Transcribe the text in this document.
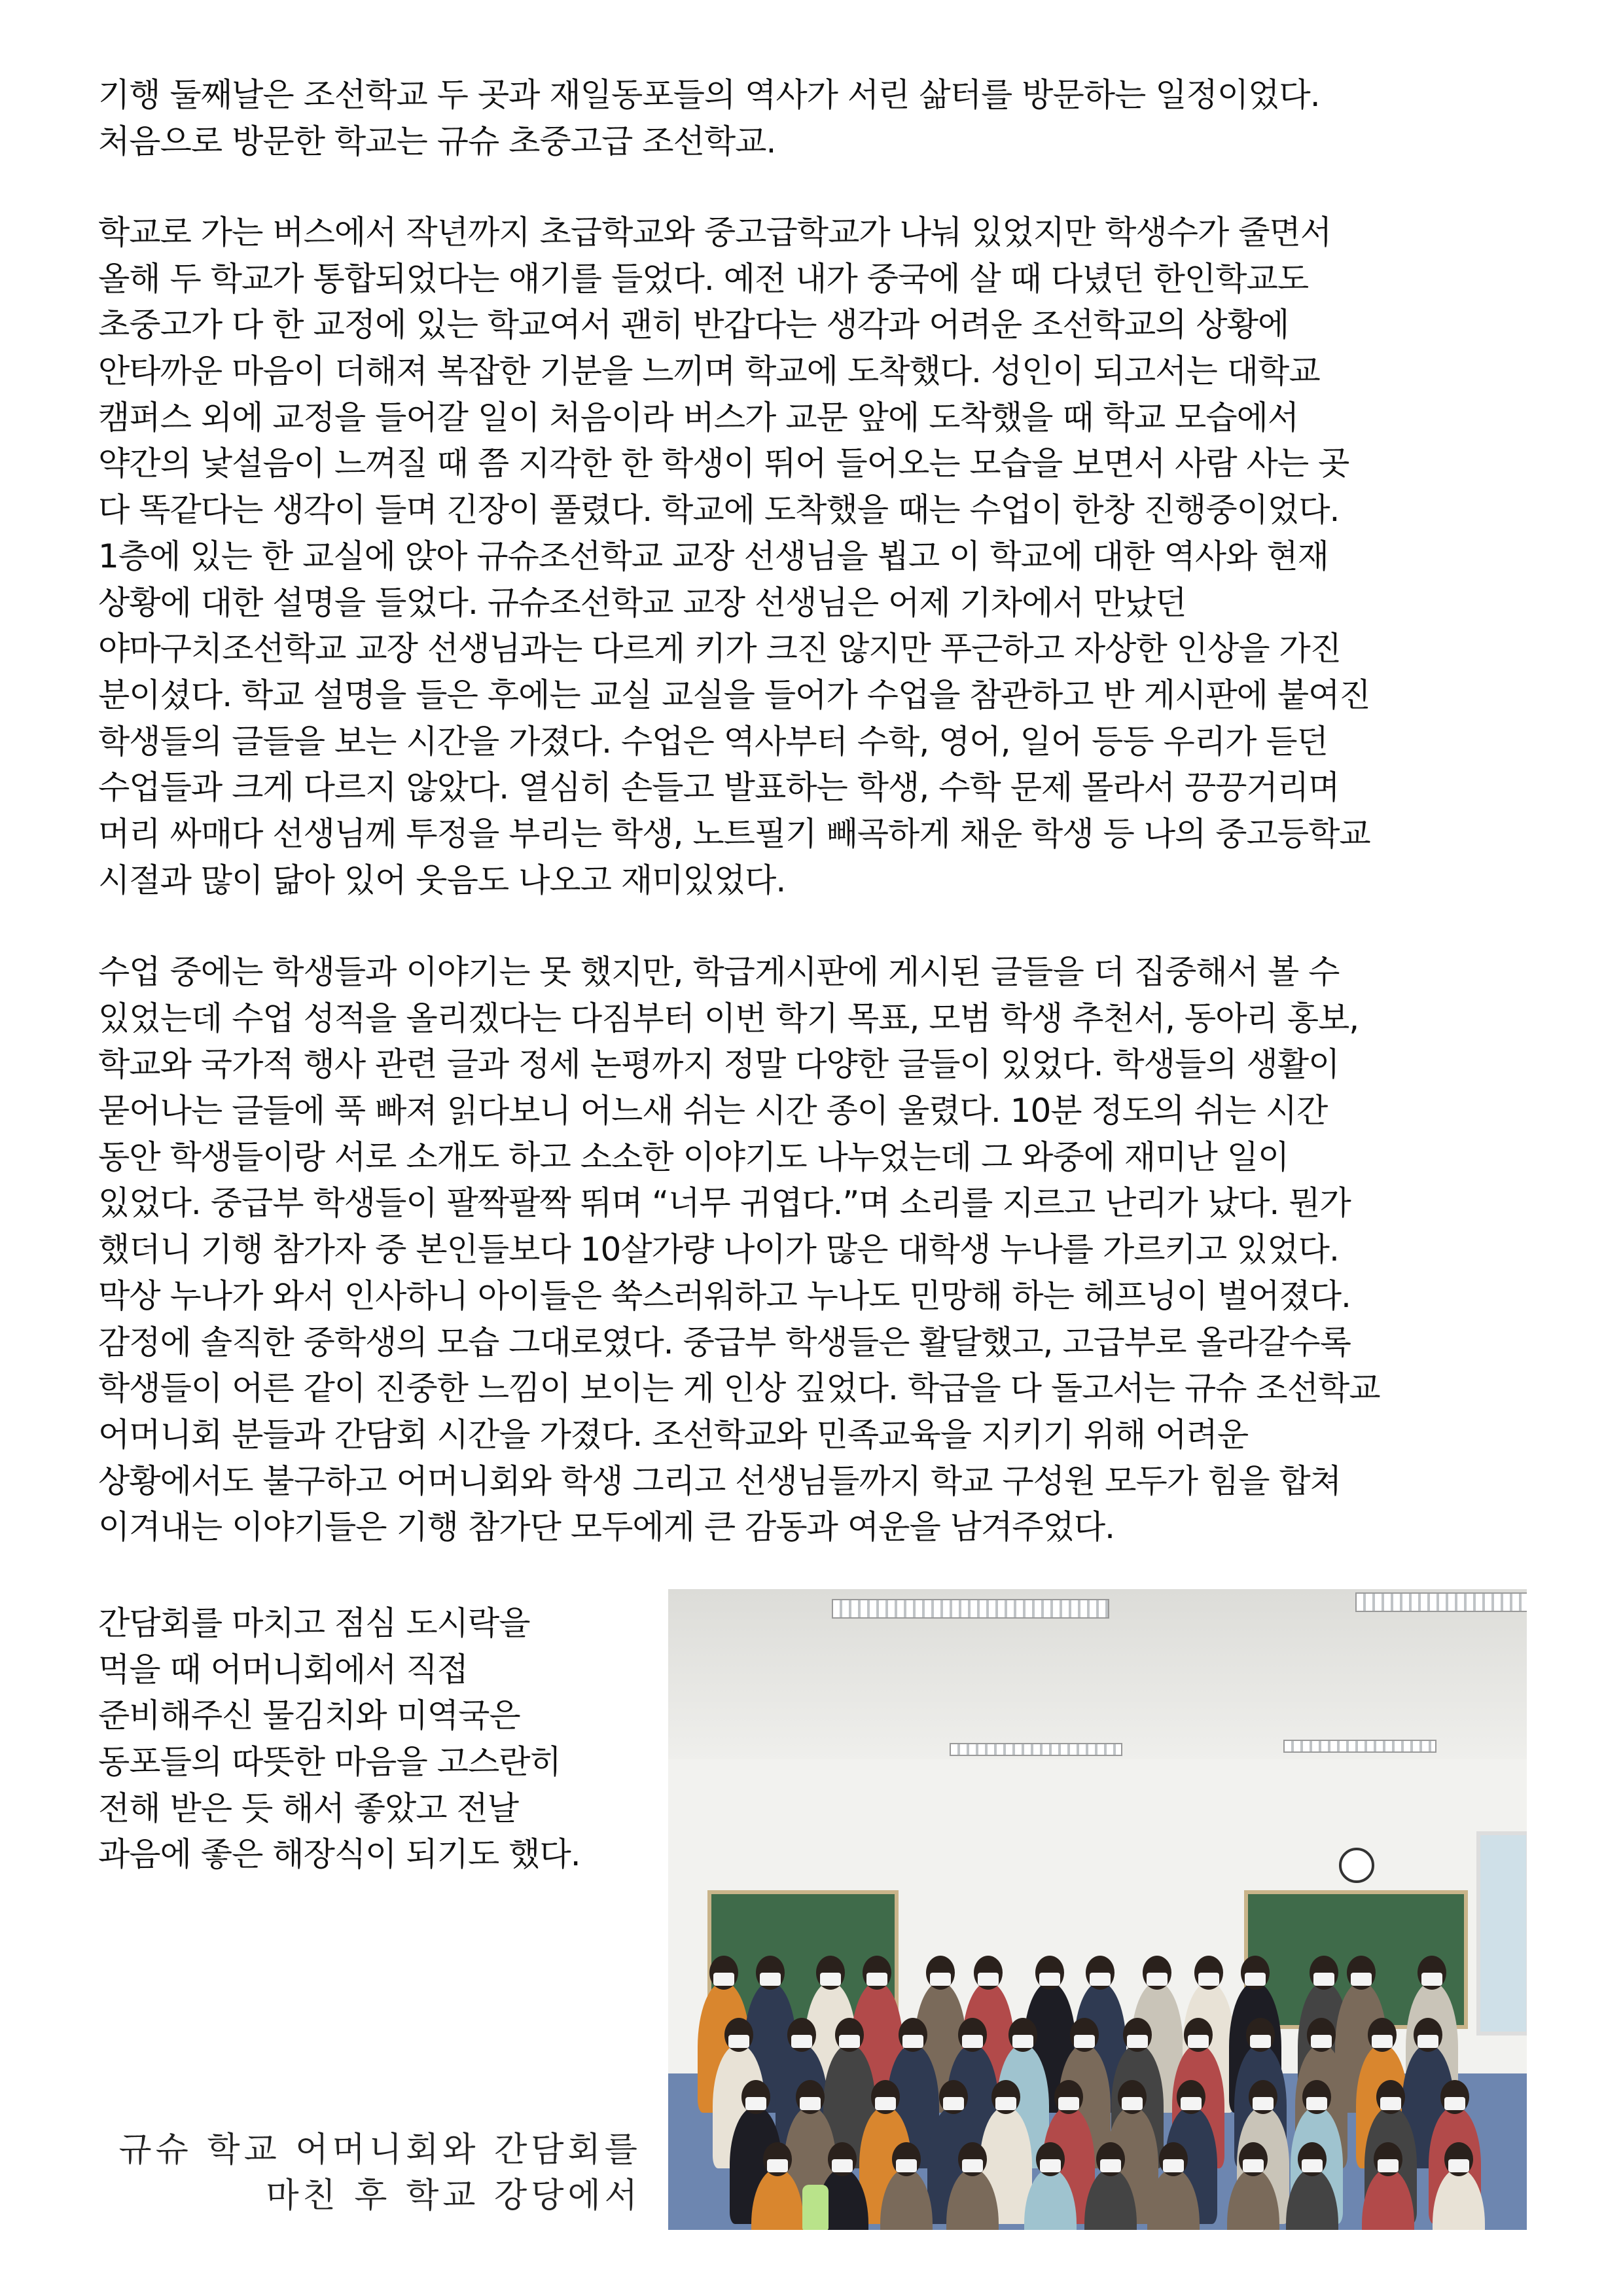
기행 둘째날은 조선학교 두 곳과 재일동포들의 역사가 서린 삶터를 방문하는 일정이었다.
처음으로 방문한 학교는 규슈 초중고급 조선학교.
학교로 가는 버스에서 작년까지 초급학교와 중고급학교가 나눠 있었지만 학생수가 줄면서
올해 두 학교가 통합되었다는 얘기를 들었다. 예전 내가 중국에 살 때 다녔던 한인학교도
초중고가 다 한 교정에 있는 학교여서 괜히 반갑다는 생각과 어려운 조선학교의 상황에
안타까운 마음이 더해져 복잡한 기분을 느끼며 학교에 도착했다. 성인이 되고서는 대학교
캠퍼스 외에 교정을 들어갈 일이 처음이라 버스가 교문 앞에 도착했을 때 학교 모습에서
약간의 낯설음이 느껴질 때 쯤 지각한 한 학생이 뛰어 들어오는 모습을 보면서 사람 사는 곳
다 똑같다는 생각이 들며 긴장이 풀렸다. 학교에 도착했을 때는 수업이 한창 진행중이었다.
1층에 있는 한 교실에 앉아 규슈조선학교 교장 선생님을 뵙고 이 학교에 대한 역사와 현재
상황에 대한 설명을 들었다. 규슈조선학교 교장 선생님은 어제 기차에서 만났던
야마구치조선학교 교장 선생님과는 다르게 키가 크진 않지만 푸근하고 자상한 인상을 가진
분이셨다. 학교 설명을 들은 후에는 교실 교실을 들어가 수업을 참관하고 반 게시판에 붙여진
학생들의 글들을 보는 시간을 가졌다. 수업은 역사부터 수학, 영어, 일어 등등 우리가 듣던
수업들과 크게 다르지 않았다. 열심히 손들고 발표하는 학생, 수학 문제 몰라서 끙끙거리며
머리 싸매다 선생님께 투정을 부리는 학생, 노트필기 빼곡하게 채운 학생 등 나의 중고등학교
시절과 많이 닮아 있어 웃음도 나오고 재미있었다.
수업 중에는 학생들과 이야기는 못 했지만, 학급게시판에 게시된 글들을 더 집중해서 볼 수
있었는데 수업 성적을 올리겠다는 다짐부터 이번 학기 목표, 모범 학생 추천서, 동아리 홍보,
학교와 국가적 행사 관련 글과 정세 논평까지 정말 다양한 글들이 있었다. 학생들의 생활이
묻어나는 글들에 푹 빠져 읽다보니 어느새 쉬는 시간 종이 울렸다. 10분 정도의 쉬는 시간
동안 학생들이랑 서로 소개도 하고 소소한 이야기도 나누었는데 그 와중에 재미난 일이
있었다. 중급부 학생들이 팔짝팔짝 뛰며 “너무 귀엽다.”며 소리를 지르고 난리가 났다. 뭔가
했더니 기행 참가자 중 본인들보다 10살가량 나이가 많은 대학생 누나를 가르키고 있었다.
막상 누나가 와서 인사하니 아이들은 쑥스러워하고 누나도 민망해 하는 헤프닝이 벌어졌다.
감정에 솔직한 중학생의 모습 그대로였다. 중급부 학생들은 활달했고, 고급부로 올라갈수록
학생들이 어른 같이 진중한 느낌이 보이는 게 인상 깊었다. 학급을 다 돌고서는 규슈 조선학교
어머니회 분들과 간담회 시간을 가졌다. 조선학교와 민족교육을 지키기 위해 어려운
상황에서도 불구하고 어머니회와 학생 그리고 선생님들까지 학교 구성원 모두가 힘을 합쳐
이겨내는 이야기들은 기행 참가단 모두에게 큰 감동과 여운을 남겨주었다.
간담회를 마치고 점심 도시락을
먹을 때 어머니회에서 직접
준비해주신 물김치와 미역국은
동포들의 따뜻한 마음을 고스란히
전해 받은 듯 해서 좋았고 전날
과음에 좋은 해장식이 되기도 했다.
규슈 학교 어머니회와 간담회를
마친 후 학교 강당에서
